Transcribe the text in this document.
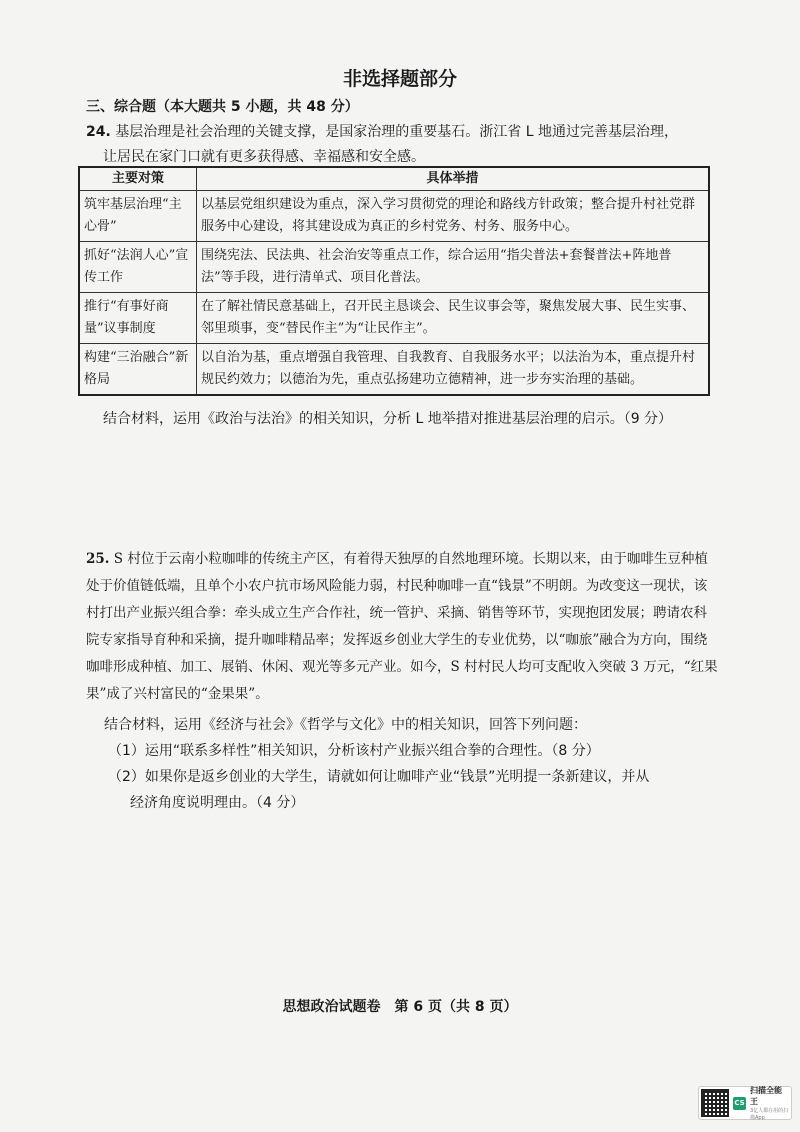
非选择题部分
三、综合题（本大题共 5 小题，共 48 分）
24. 基层治理是社会治理的关键支撑，是国家治理的重要基石。浙江省 L 地通过完善基层治理，
让居民在家门口就有更多获得感、幸福感和安全感。
主要对策	具体举措
筑牢基层治理“主心骨”	以基层党组织建设为重点，深入学习贯彻党的理论和路线方针政策；整合提升村社党群服务中心建设，将其建设成为真正的乡村党务、村务、服务中心。
抓好“法润人心”宣传工作	围绕宪法、民法典、社会治安等重点工作，综合运用“指尖普法+套餐普法+阵地普法”等手段，进行清单式、项目化普法。
推行“有事好商量”议事制度	在了解社情民意基础上，召开民主恳谈会、民生议事会等，聚焦发展大事、民生实事、邻里琐事，变“替民作主”为“让民作主”。
构建“三治融合”新格局	以自治为基，重点增强自我管理、自我教育、自我服务水平；以法治为本，重点提升村规民约效力；以德治为先，重点弘扬建功立德精神，进一步夯实治理的基础。
结合材料，运用《政治与法治》的相关知识，分析 L 地举措对推进基层治理的启示。（9 分）

25. S 村位于云南小粒咖啡的传统主产区，有着得天独厚的自然地理环境。长期以来，由于咖啡生豆种植处于价值链低端，且单个小农户抗市场风险能力弱，村民种咖啡一直“钱景”不明朗。为改变这一现状，该村打出产业振兴组合拳：牵头成立生产合作社，统一管护、采摘、销售等环节，实现抱团发展；聘请农科院专家指导育种和采摘，提升咖啡精品率；发挥返乡创业大学生的专业优势，以“咖旅”融合为方向，围绕咖啡形成种植、加工、展销、休闲、观光等多元产业。如今，S 村村民人均可支配收入突破 3 万元，“红果果”成了兴村富民的“金果果”。

结合材料，运用《经济与社会》《哲学与文化》中的相关知识，回答下列问题：
（1）运用“联系多样性”相关知识，分析该村产业振兴组合拳的合理性。（8 分）
（2）如果你是返乡创业的大学生，请就如何让咖啡产业“钱景”光明提一条新建议，并从
经济角度说明理由。（4 分）
思想政治试题卷　第 6 页（共 8 页）
CS
扫描全能王
3亿人都在用的扫描App
